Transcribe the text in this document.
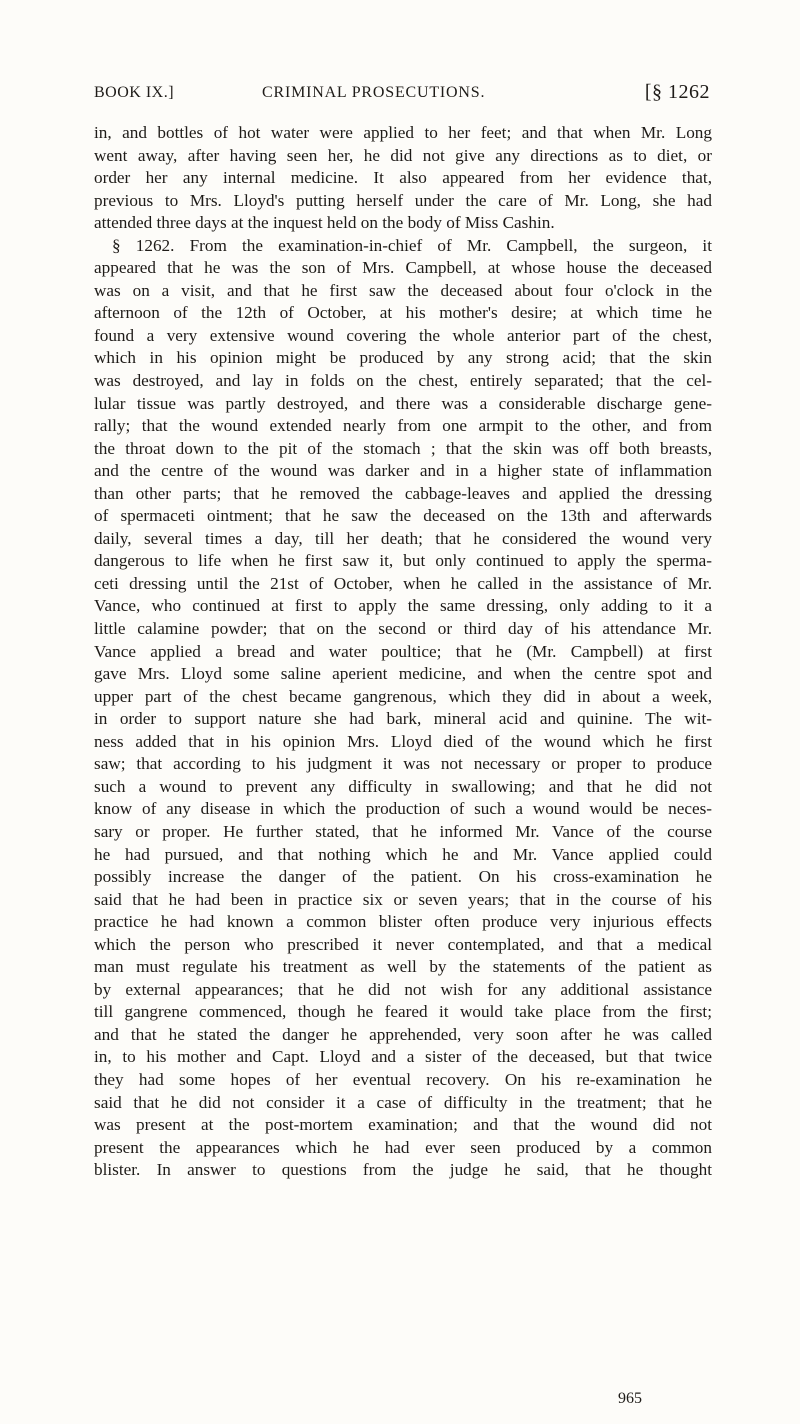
BOOK IX.]	CRIMINAL PROSECUTIONS.	[§ 1262
in, and bottles of hot water were applied to her feet; and that when Mr. Long
went away, after having seen her, he did not give any directions as to diet, or
order her any internal medicine. It also appeared from her evidence that,
previous to Mrs. Lloyd's putting herself under the care of Mr. Long, she had
attended three days at the inquest held on the body of Miss Cashin.
§ 1262. From the examination-in-chief of Mr. Campbell, the surgeon, it
appeared that he was the son of Mrs. Campbell, at whose house the deceased
was on a visit, and that he first saw the deceased about four o'clock in the
afternoon of the 12th of October, at his mother's desire; at which time he
found a very extensive wound covering the whole anterior part of the chest,
which in his opinion might be produced by any strong acid; that the skin
was destroyed, and lay in folds on the chest, entirely separated; that the cel-
lular tissue was partly destroyed, and there was a considerable discharge gene-
rally; that the wound extended nearly from one armpit to the other, and from
the throat down to the pit of the stomach ; that the skin was off both breasts,
and the centre of the wound was darker and in a higher state of inflammation
than other parts; that he removed the cabbage-leaves and applied the dressing
of spermaceti ointment; that he saw the deceased on the 13th and afterwards
daily, several times a day, till her death; that he considered the wound very
dangerous to life when he first saw it, but only continued to apply the sperma-
ceti dressing until the 21st of October, when he called in the assistance of Mr.
Vance, who continued at first to apply the same dressing, only adding to it a
little calamine powder; that on the second or third day of his attendance Mr.
Vance applied a bread and water poultice; that he (Mr. Campbell) at first
gave Mrs. Lloyd some saline aperient medicine, and when the centre spot and
upper part of the chest became gangrenous, which they did in about a week,
in order to support nature she had bark, mineral acid and quinine. The wit-
ness added that in his opinion Mrs. Lloyd died of the wound which he first
saw; that according to his judgment it was not necessary or proper to produce
such a wound to prevent any difficulty in swallowing; and that he did not
know of any disease in which the production of such a wound would be neces-
sary or proper. He further stated, that he informed Mr. Vance of the course
he had pursued, and that nothing which he and Mr. Vance applied could
possibly increase the danger of the patient. On his cross-examination he
said that he had been in practice six or seven years; that in the course of his
practice he had known a common blister often produce very injurious effects
which the person who prescribed it never contemplated, and that a medical
man must regulate his treatment as well by the statements of the patient as
by external appearances; that he did not wish for any additional assistance
till gangrene commenced, though he feared it would take place from the first;
and that he stated the danger he apprehended, very soon after he was called
in, to his mother and Capt. Lloyd and a sister of the deceased, but that twice
they had some hopes of her eventual recovery. On his re-examination he
said that he did not consider it a case of difficulty in the treatment; that he
was present at the post-mortem examination; and that the wound did not
present the appearances which he had ever seen produced by a common
blister. In answer to questions from the judge he said, that he thought
965
